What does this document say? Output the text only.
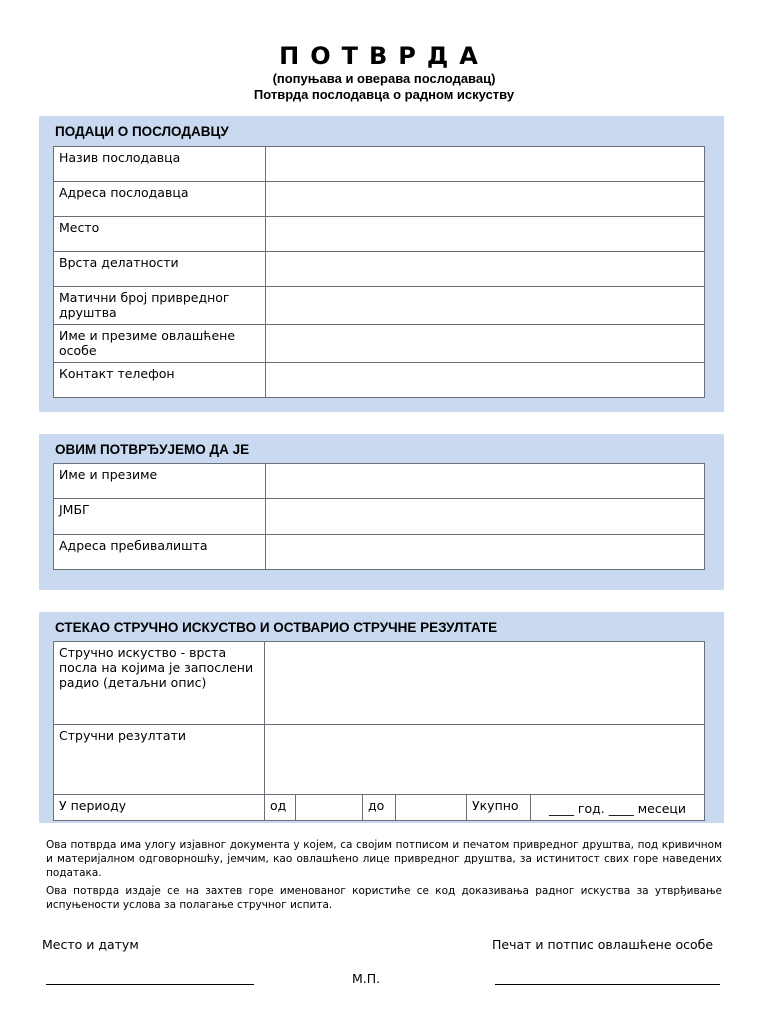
ПОТВРДА
(попуњава и оверава послодавац)
Потврда послодавца о радном искуству
ПОДАЦИ О ПОСЛОДАВЦУ
Назив послодавца	
Адреса послодавца	
Место	
Врста делатности	
Матични број привредног друштва	
Име и презиме овлашћене особе	
Контакт телефон	
ОВИМ ПОТВРЂУЈЕМО ДА ЈЕ
Име и презиме	
ЈМБГ	
Адреса пребивалишта	
СТЕКАО СТРУЧНО ИСКУСТВО И ОСТВАРИО СТРУЧНЕ РЕЗУЛТАТЕ
Стручно искуство - врста посла на којима је запослени радио (детаљни опис)						
Стручни резултати						
У периоду	од		до		Укупно	____ год. ____ месеци
Ова потврда има улогу изјавног документа у којем, са својим потписом и печатом привредног друштва, под кривичном и материјалном одговорношћу, јемчим, као овлашћено лице привредног друштва, за истинитост свих горе наведених података.
Ова потврда издаје се на захтев горе именованог користиће се код доказивања радног искуства за утврђивање испуњености услова за полагање стручног испита.
Место и датум	Печат и потпис овлашћене особе
М.П.
